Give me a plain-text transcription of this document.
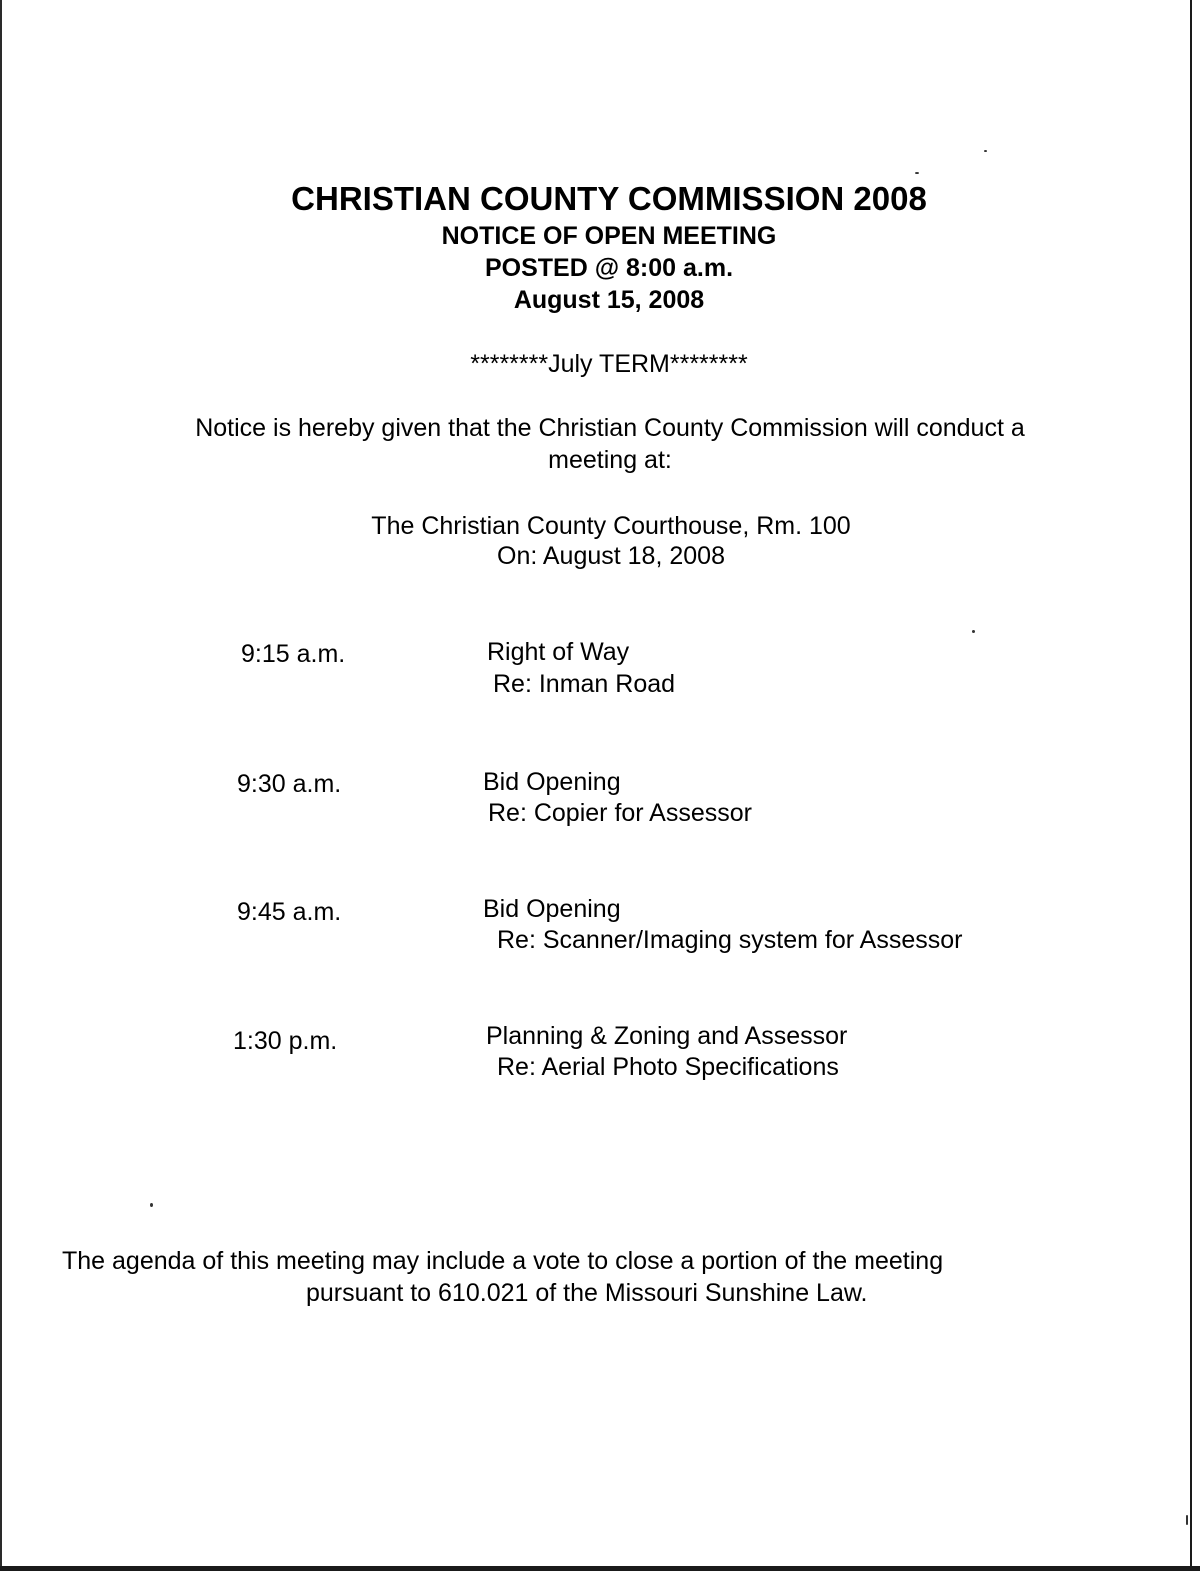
CHRISTIAN COUNTY COMMISSION 2008
NOTICE OF OPEN MEETING
POSTED @ 8:00 a.m.
August 15, 2008
********July TERM********
Notice is hereby given that the Christian County Commission will conduct a
meeting at:
The Christian County Courthouse, Rm. 100
On: August 18, 2008
9:15 a.m.	Right of Way
Re: Inman Road
9:30 a.m.	Bid Opening
Re: Copier for Assessor
9:45 a.m.	Bid Opening
Re: Scanner/Imaging system for Assessor
1:30 p.m.	Planning & Zoning and Assessor
Re: Aerial Photo Specifications
The agenda of this meeting may include a vote to close a portion of the meeting
pursuant to 610.021 of the Missouri Sunshine Law.
